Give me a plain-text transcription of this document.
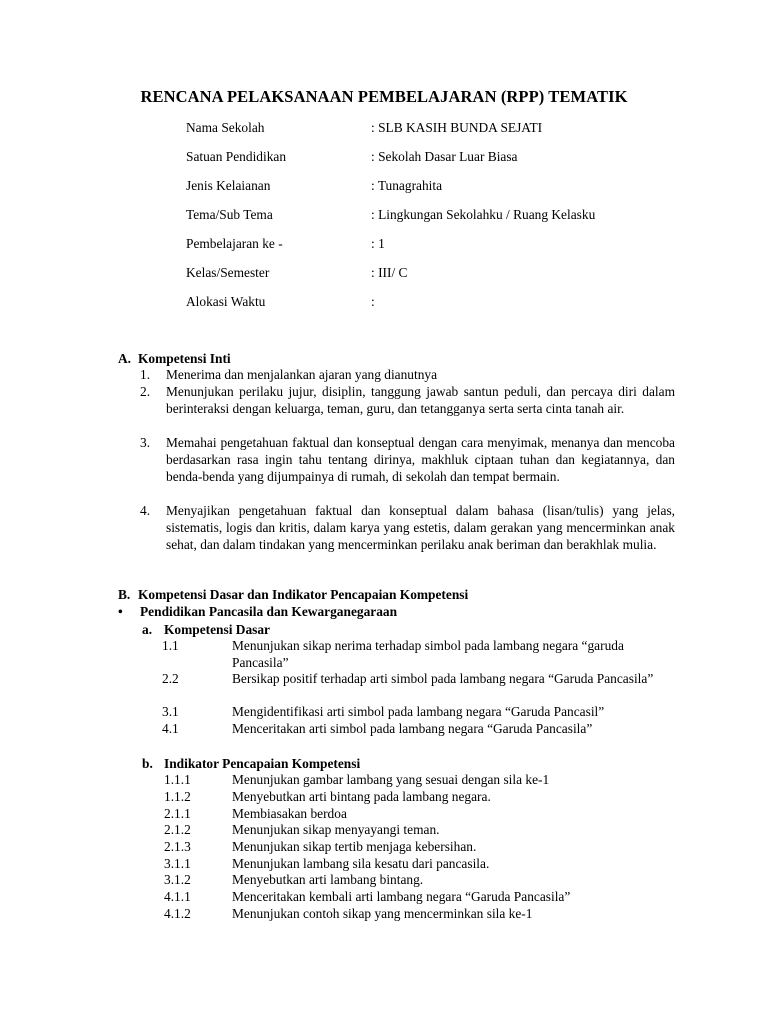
RENCANA PELAKSANAAN PEMBELAJARAN (RPP) TEMATIK
Nama Sekolah	: SLB KASIH BUNDA SEJATI
Satuan Pendidikan	: Sekolah Dasar Luar Biasa
Jenis Kelaianan	: Tunagrahita
Tema/Sub Tema	: Lingkungan Sekolahku / Ruang Kelasku
Pembelajaran ke -	: 1
Kelas/Semester	: III/ C
Alokasi Waktu	:
A. Kompetensi Inti
1. Menerima dan menjalankan ajaran yang dianutnya
2. Menunjukan perilaku jujur, disiplin, tanggung jawab santun peduli, dan percaya diri dalam berinteraksi dengan keluarga, teman, guru, dan tetangganya serta serta cinta tanah air.
3. Memahai pengetahuan faktual dan konseptual dengan cara menyimak, menanya dan mencoba berdasarkan rasa ingin tahu tentang dirinya, makhluk ciptaan tuhan dan kegiatannya, dan benda-benda yang dijumpainya di rumah, di sekolah dan tempat bermain.
4. Menyajikan pengetahuan faktual dan konseptual dalam bahasa (lisan/tulis) yang jelas, sistematis, logis dan kritis, dalam karya yang estetis, dalam gerakan yang mencerminkan anak sehat, dan dalam tindakan yang mencerminkan perilaku anak beriman dan berakhlak mulia.
B. Kompetensi Dasar dan Indikator Pencapaian Kompetensi
• Pendidikan Pancasila dan Kewarganegaraan
a. Kompetensi Dasar
1.1	Menunjukan sikap nerima terhadap simbol pada lambang negara “garuda Pancasila”
2.2	Bersikap positif terhadap arti simbol pada lambang negara “Garuda Pancasila”
3.1	Mengidentifikasi arti simbol pada lambang negara “Garuda Pancasil”
4.1	Menceritakan arti simbol pada lambang negara “Garuda Pancasila”
b. Indikator Pencapaian Kompetensi
1.1.1	Menunjukan gambar lambang yang sesuai dengan sila ke-1
1.1.2	Menyebutkan arti bintang pada lambang negara.
2.1.1	Membiasakan berdoa
2.1.2	Menunjukan sikap menyayangi teman.
2.1.3	Menunjukan sikap tertib menjaga kebersihan.
3.1.1	Menunjukan lambang sila kesatu dari pancasila.
3.1.2	Menyebutkan arti lambang bintang.
4.1.1	Menceritakan kembali arti lambang negara “Garuda Pancasila”
4.1.2	Menunjukan contoh sikap yang mencerminkan sila ke-1
